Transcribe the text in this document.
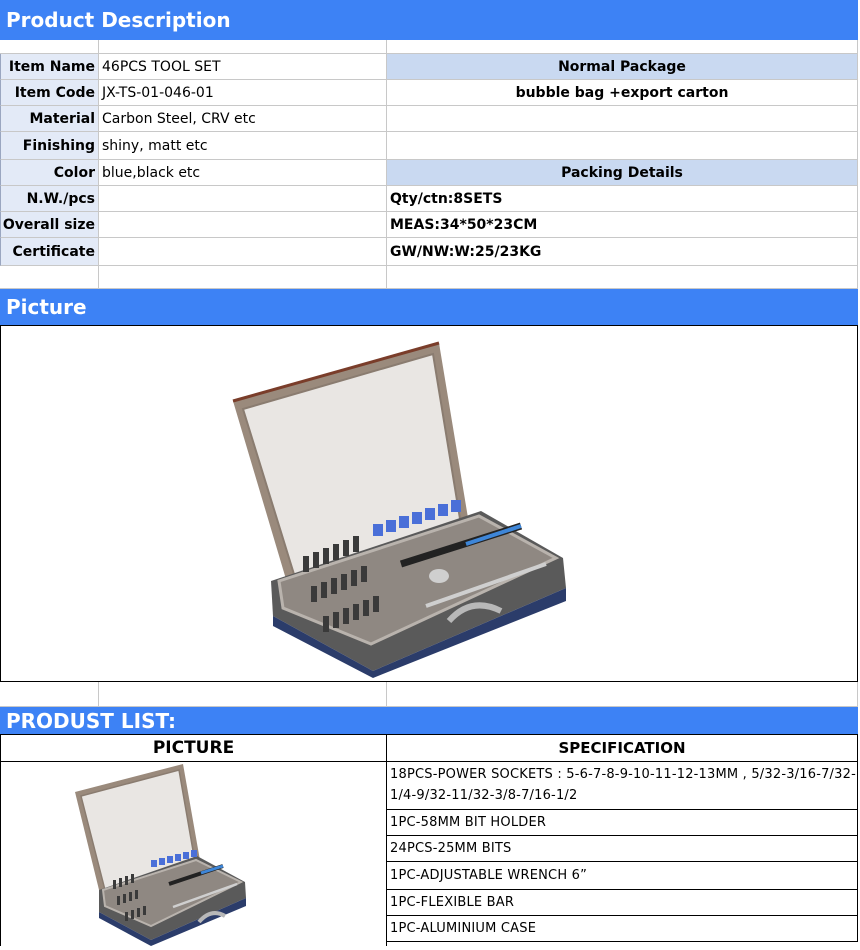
Product Description
Item Name 46PCS TOOL SET
Item Code JX-TS-01-046-01
Material Carbon Steel, CRV etc
Finishing shiny, matt etc
Color blue,black etc
N.W./pcs
Overall size
Certificate
Normal Package
bubble bag +export carton
Packing Details
Qty/ctn:8SETS
MEAS:34*50*23CM
GW/NW:W:25/23KG
Picture
PRODUST LIST:
PICTURE	SPECIFICATION
18PCS-POWER SOCKETS : 5-6-7-8-9-10-11-12-13MM , 5/32-3/16-7/32-
1/4-9/32-11/32-3/8-7/16-1/2
1PC-58MM BIT HOLDER
24PCS-25MM BITS
1PC-ADJUSTABLE WRENCH 6”
1PC-FLEXIBLE BAR
1PC-ALUMINIUM CASE
